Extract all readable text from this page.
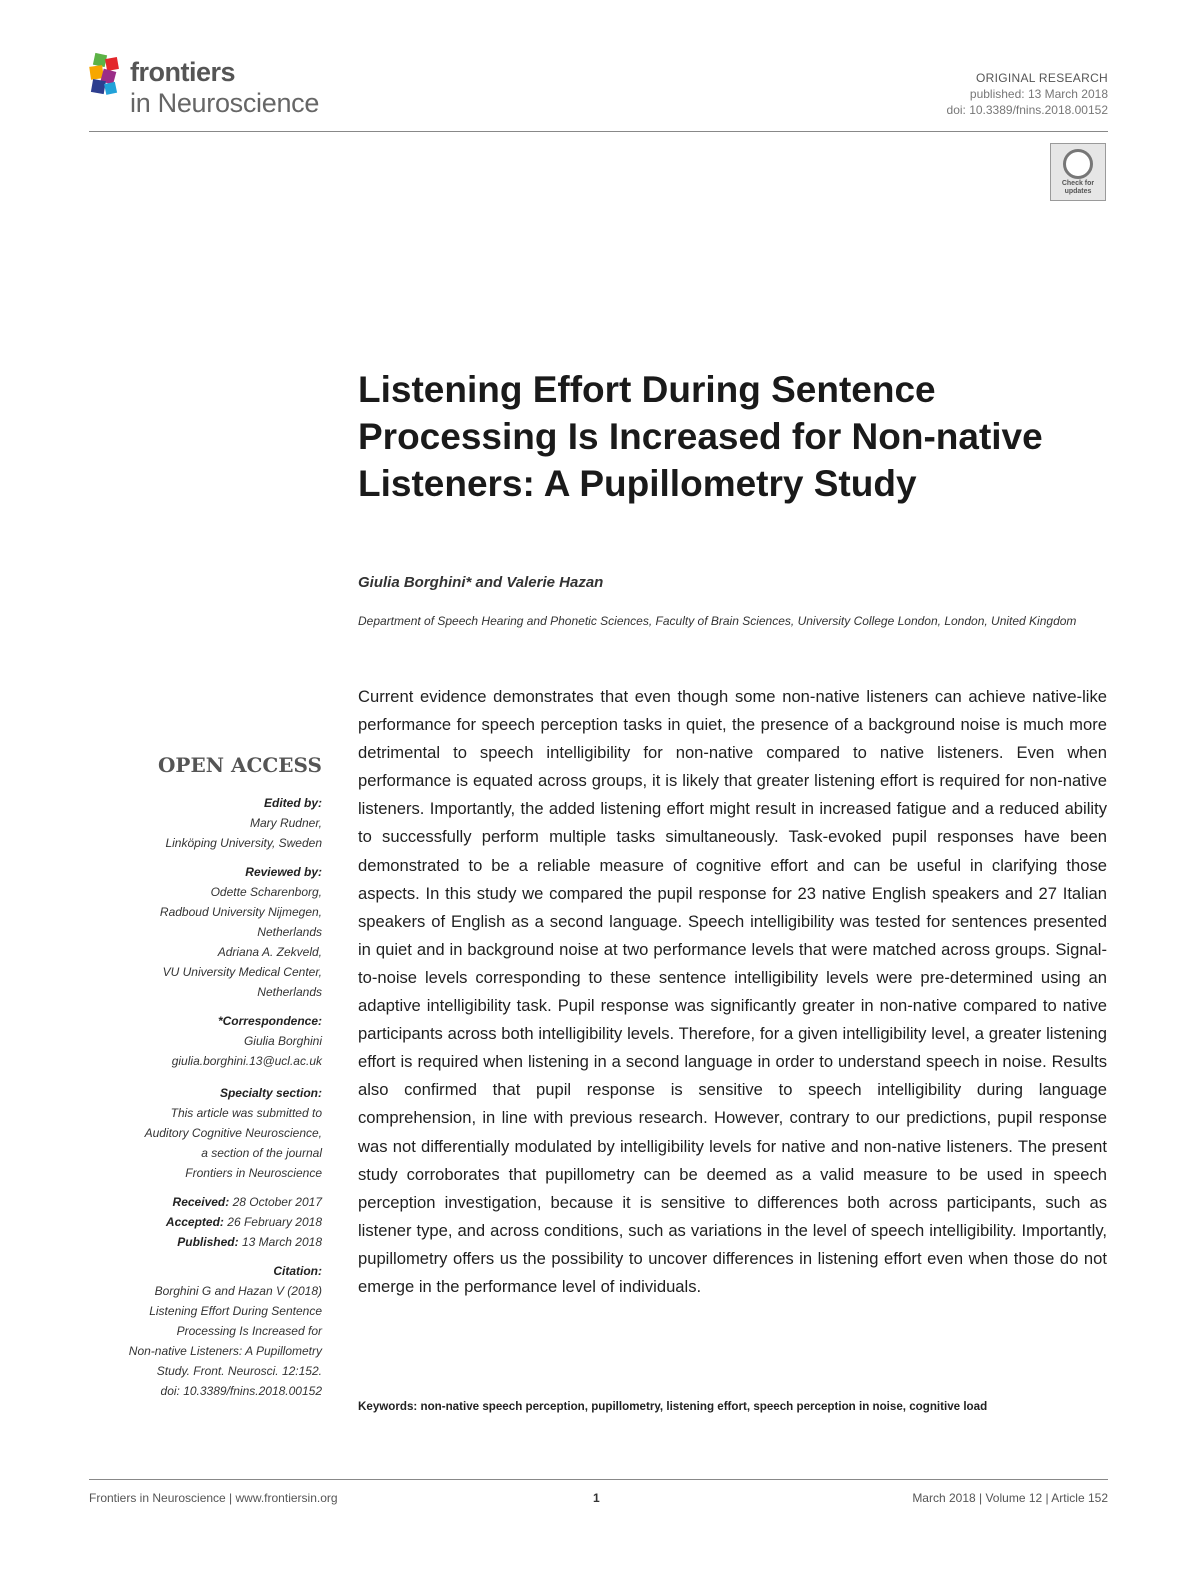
frontiers
in Neuroscience
ORIGINAL RESEARCH
published: 13 March 2018
doi: 10.3389/fnins.2018.00152
Check for
updates
Listening Effort During Sentence Processing Is Increased for Non-native Listeners: A Pupillometry Study
Giulia Borghini* and Valerie Hazan
Department of Speech Hearing and Phonetic Sciences, Faculty of Brain Sciences, University College London, London, United Kingdom

Current evidence demonstrates that even though some non-native listeners can achieve native-like performance for speech perception tasks in quiet, the presence of a background noise is much more detrimental to speech intelligibility for non-native compared to native listeners. Even when performance is equated across groups, it is likely that greater listening effort is required for non-native listeners. Importantly, the added listening effort might result in increased fatigue and a reduced ability to successfully perform multiple tasks simultaneously. Task-evoked pupil responses have been demonstrated to be a reliable measure of cognitive effort and can be useful in clarifying those aspects. In this study we compared the pupil response for 23 native English speakers and 27 Italian speakers of English as a second language. Speech intelligibility was tested for sentences presented in quiet and in background noise at two performance levels that were matched across groups. Signal-to-noise levels corresponding to these sentence intelligibility levels were pre-determined using an adaptive intelligibility task. Pupil response was significantly greater in non-native compared to native participants across both intelligibility levels. Therefore, for a given intelligibility level, a greater listening effort is required when listening in a second language in order to understand speech in noise. Results also confirmed that pupil response is sensitive to speech intelligibility during language comprehension, in line with previous research. However, contrary to our predictions, pupil response was not differentially modulated by intelligibility levels for native and non-native listeners. The present study corroborates that pupillometry can be deemed as a valid measure to be used in speech perception investigation, because it is sensitive to differences both across participants, such as listener type, and across conditions, such as variations in the level of speech intelligibility. Importantly, pupillometry offers us the possibility to uncover differences in listening effort even when those do not emerge in the performance level of individuals.

Keywords: non-native speech perception, pupillometry, listening effort, speech perception in noise, cognitive load
OPEN ACCESS
Edited by:
Mary Rudner,
Linköping University, Sweden
Reviewed by:
Odette Scharenborg,
Radboud University Nijmegen,
Netherlands
Adriana A. Zekveld,
VU University Medical Center,
Netherlands
*Correspondence:
Giulia Borghini
giulia.borghini.13@ucl.ac.uk
Specialty section:
This article was submitted to
Auditory Cognitive Neuroscience,
a section of the journal
Frontiers in Neuroscience
Received: 28 October 2017
Accepted: 26 February 2018
Published: 13 March 2018
Citation:
Borghini G and Hazan V (2018)
Listening Effort During Sentence
Processing Is Increased for
Non-native Listeners: A Pupillometry
Study. Front. Neurosci. 12:152.
doi: 10.3389/fnins.2018.00152
Frontiers in Neuroscience | www.frontiersin.org	1	March 2018 | Volume 12 | Article 152
